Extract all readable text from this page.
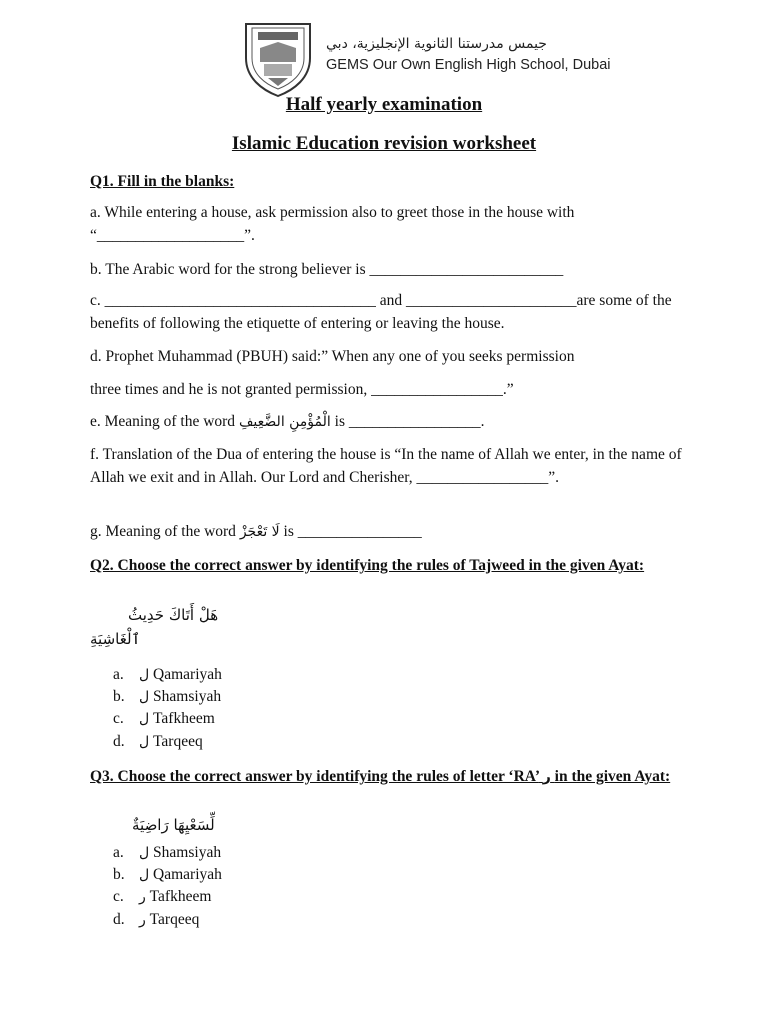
جيمس مدرستنا الثانوية الإنجليزية، دبي
GEMS Our Own English High School, Dubai
Half yearly examination
Islamic Education revision worksheet
Q1. Fill in the blanks:
a. While entering a house, ask permission also to greet those in the house with “___________________”.
b. The Arabic word for the strong believer is _________________________
c. ___________________________________ and ______________________are some of the benefits of following the etiquette of entering or leaving the house.
d. Prophet Muhammad (PBUH) said:” When any one of you seeks permission
three times and he is not granted permission, _________________.”
e. Meaning of the word الْمُؤْمِنِ الضَّعِيفِ is _________________.
f. Translation of the Dua of entering the house is “In the name of Allah we enter, in the name of Allah we exit and in Allah. Our Lord and Cherisher, _________________”.
g. Meaning of the word لَا تَعْجَزْ is ________________
Q2. Choose the correct answer by identifying the rules of Tajweed in the given Ayat:
هَلْ أَتَاكَ حَدِيثُ
ٱلْغَاشِيَةِ
a. ل Qamariyah
b. ل Shamsiyah
c. ل Tafkheem
d. ل Tarqeeq
Q3. Choose the correct answer by identifying the rules of letter ‘RA’ ر in the given Ayat:
لِّسَعْيِهَا رَاضِيَةٌ
a. ل Shamsiyah
b. ل Qamariyah
c. ر Tafkheem
d. ر Tarqeeq
